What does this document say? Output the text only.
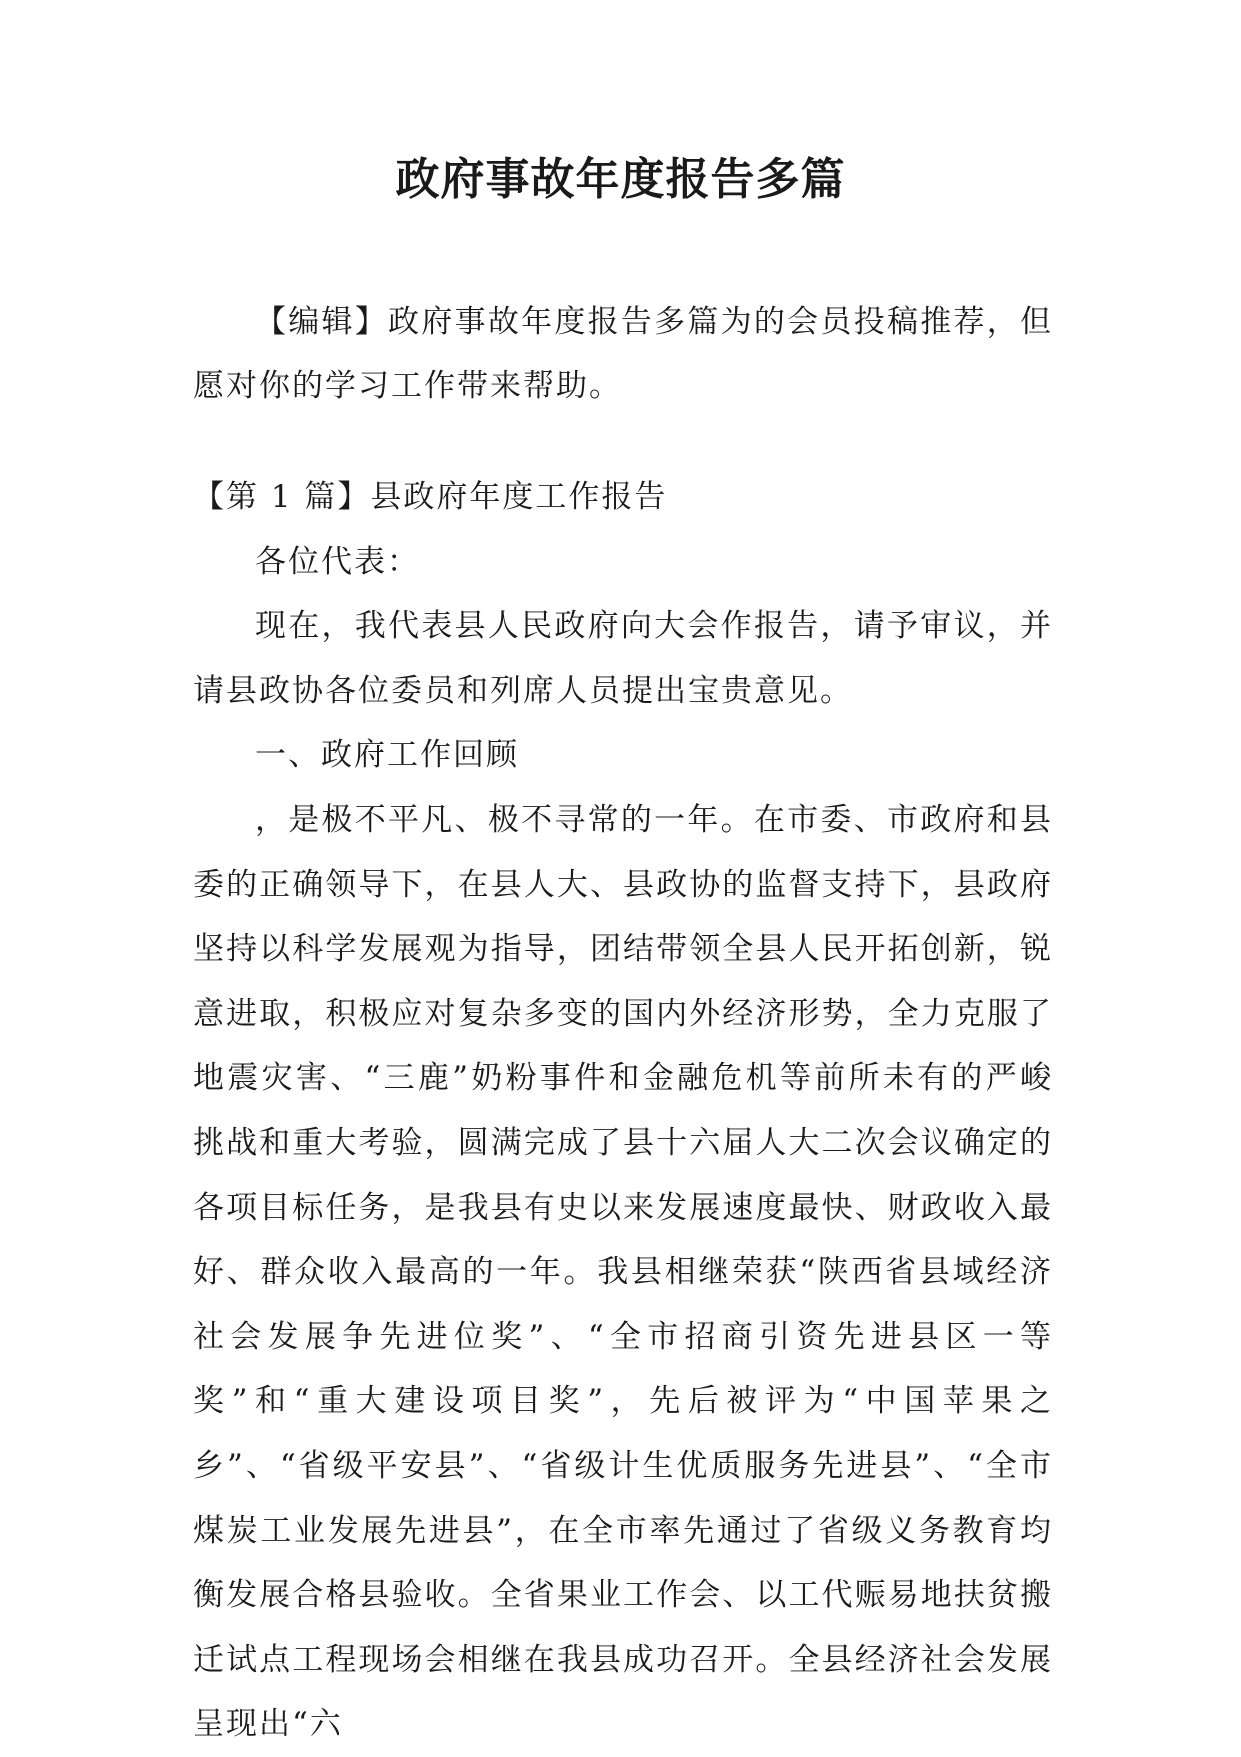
政府事故年度报告多篇

【编辑】政府事故年度报告多篇为的会员投稿推荐，但愿对你的学习工作带来帮助。

【第 1 篇】县政府年度工作报告

各位代表：

现在，我代表县人民政府向大会作报告，请予审议，并请县政协各位委员和列席人员提出宝贵意见。

一、政府工作回顾

，是极不平凡、极不寻常的一年。在市委、市政府和县委的正确领导下，在县人大、县政协的监督支持下，县政府坚持以科学发展观为指导，团结带领全县人民开拓创新，锐意进取，积极应对复杂多变的国内外经济形势，全力克服了地震灾害、“三鹿”奶粉事件和金融危机等前所未有的严峻挑战和重大考验，圆满完成了县十六届人大二次会议确定的各项目标任务，是我县有史以来发展速度最快、财政收入最好、群众收入最高的一年。我县相继荣获“陕西省县域经济社会发展争先进位奖”、“全市招商引资先进县区一等奖”和“重大建设项目奖”，先后被评为“中国苹果之乡”、“省级平安县”、“省级计生优质服务先进县”、“全市煤炭工业发展先进县”，在全市率先通过了省级义务教育均衡发展合格县验收。全省果业工作会、以工代赈易地扶贫搬迁试点工程现场会相继在我县成功召开。全县经济社会发展呈现出“六
